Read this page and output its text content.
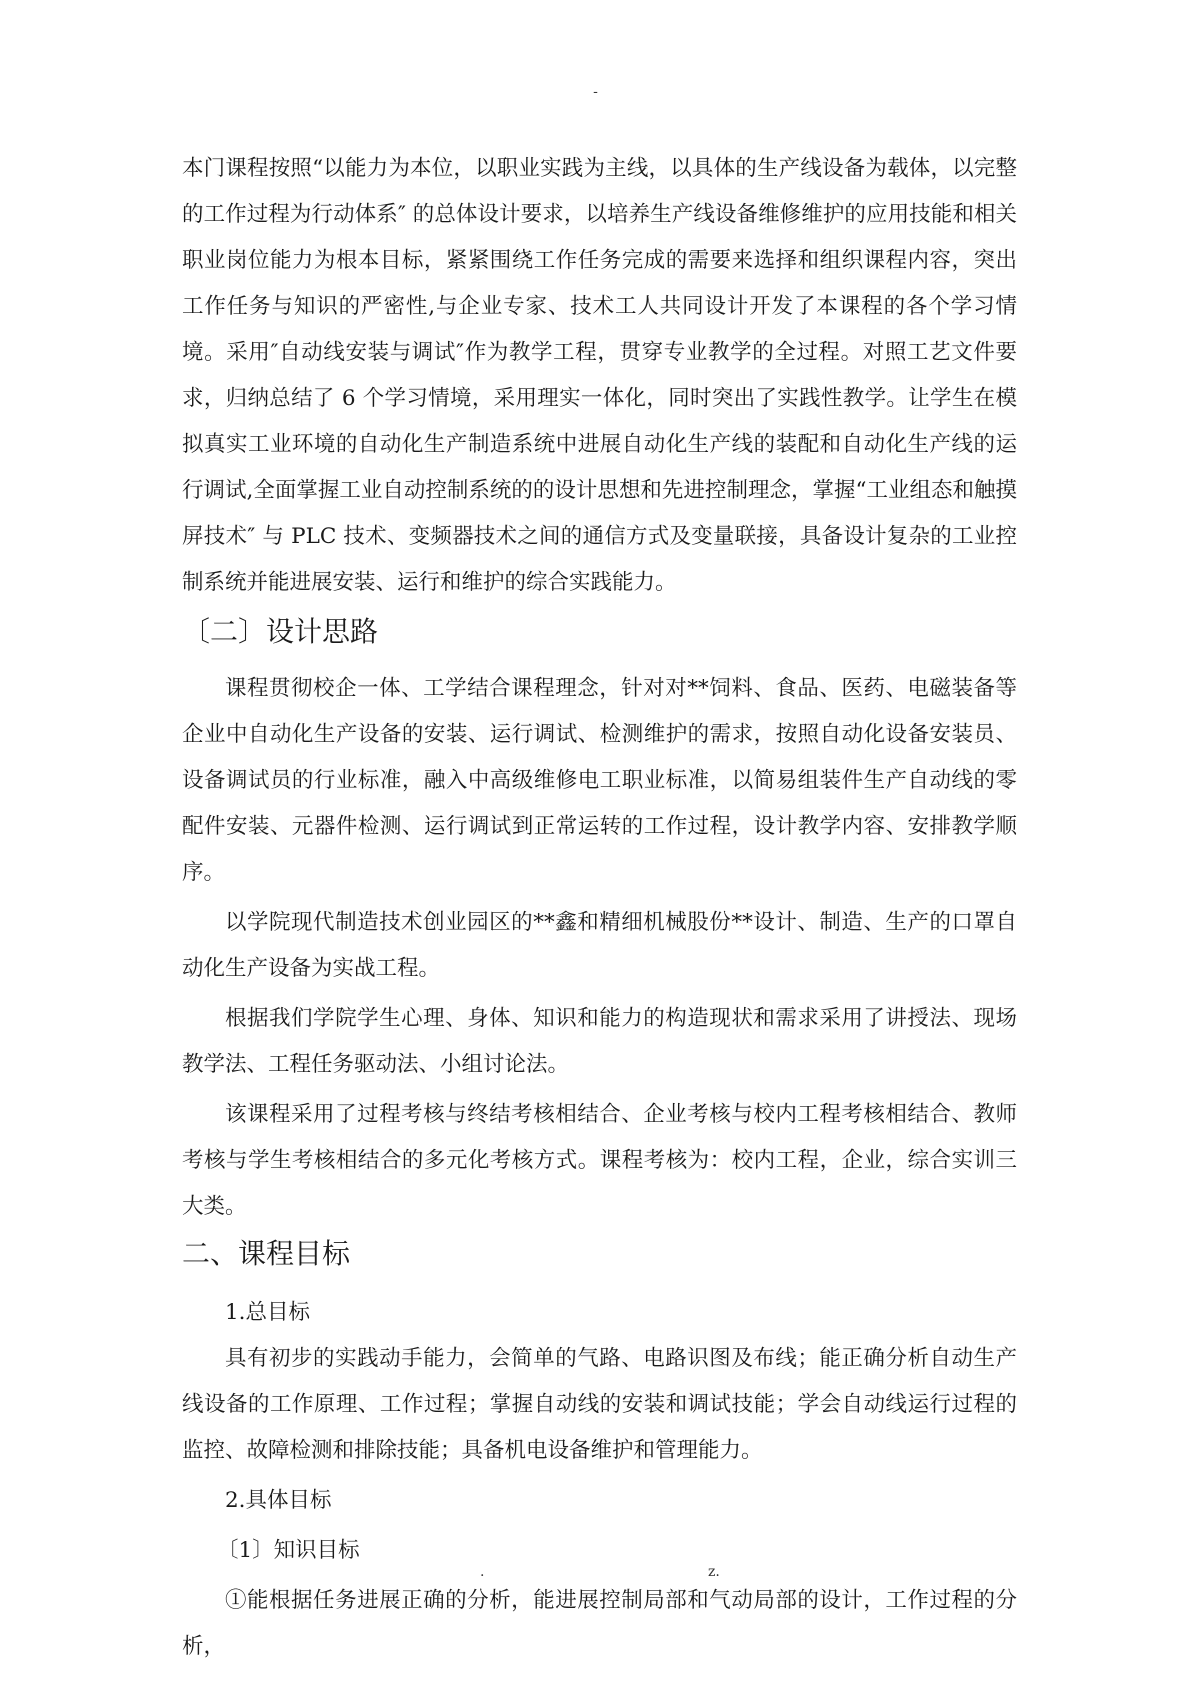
-

本门课程按照“以能力为本位，以职业实践为主线，以具体的生产线设备为载体，以完整的工作过程为行动体系″ 的总体设计要求，以培养生产线设备维修维护的应用技能和相关职业岗位能力为根本目标，紧紧围绕工作任务完成的需要来选择和组织课程内容，突出工作任务与知识的严密性,与企业专家、技术工人共同设计开发了本课程的各个学习情境。采用″自动线安装与调试″作为教学工程，贯穿专业教学的全过程。对照工艺文件要求，归纳总结了 6 个学习情境，采用理实一体化，同时突出了实践性教学。让学生在模拟真实工业环境的自动化生产制造系统中进展自动化生产线的装配和自动化生产线的运行调试,全面掌握工业自动控制系统的的设计思想和先进控制理念，掌握“工业组态和触摸屏技术″ 与 PLC 技术、变频器技术之间的通信方式及变量联接，具备设计复杂的工业控制系统并能进展安装、运行和维护的综合实践能力。

〔二〕设计思路

课程贯彻校企一体、工学结合课程理念，针对对**饲料、食品、医药、电磁装备等企业中自动化生产设备的安装、运行调试、检测维护的需求，按照自动化设备安装员、设备调试员的行业标准，融入中高级维修电工职业标准，以简易组装件生产自动线的零配件安装、元器件检测、运行调试到正常运转的工作过程，设计教学内容、安排教学顺序。

以学院现代制造技术创业园区的**鑫和精细机械股份**设计、制造、生产的口罩自动化生产设备为实战工程。

根据我们学院学生心理、身体、知识和能力的构造现状和需求采用了讲授法、现场教学法、工程任务驱动法、小组讨论法。

该课程采用了过程考核与终结考核相结合、企业考核与校内工程考核相结合、教师考核与学生考核相结合的多元化考核方式。课程考核为：校内工程，企业，综合实训三大类。

二、课程目标

1.总目标

具有初步的实践动手能力，会简单的气路、电路识图及布线；能正确分析自动生产线设备的工作原理、工作过程；掌握自动线的安装和调试技能；学会自动线运行过程的监控、故障检测和排除技能；具备机电设备维护和管理能力。

2.具体目标

〔1〕知识目标

①能根据任务进展正确的分析，能进展控制局部和气动局部的设计，工作过程的分析，

.	z.
